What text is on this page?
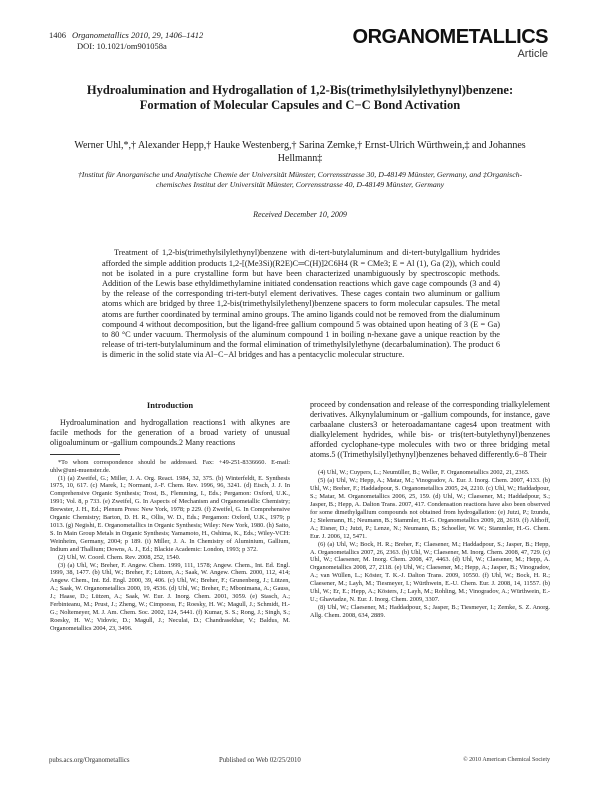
1406 Organometallics 2010, 29, 1406–1412
DOI: 10.1021/om901058a	ORGANOMETALLICS
Article
Hydroalumination and Hydrogallation of 1,2-Bis(trimethylsilylethynyl)benzene: Formation of Molecular Capsules and C−C Bond Activation
Werner Uhl,*,† Alexander Hepp,† Hauke Westenberg,† Sarina Zemke,† Ernst-Ulrich Würthwein,‡ and Johannes Hellmann‡
†Institut für Anorganische und Analytische Chemie der Universität Münster, Corrensstrasse 30, D-48149 Münster, Germany, and ‡Organisch-chemisches Institut der Universität Münster, Corrensstrasse 40, D-48149 Münster, Germany
Received December 10, 2009

Treatment of 1,2-bis(trimethylsilylethynyl)benzene with di-tert-butylaluminum and di-tert-butylgallium hydrides afforded the simple addition products 1,2-[(Me3Si)(R2E)C═C(H)]2C6H4 (R = CMe3; E = Al (1), Ga (2)), which could not be isolated in a pure crystalline form but have been characterized unambiguously by spectroscopic methods. Addition of the Lewis base ethyldimethylamine initiated condensation reactions which gave cage compounds (3 and 4) by the release of the corresponding tri-tert-butyl element derivatives. These cages contain two aluminum or gallium atoms which are bridged by three 1,2-bis(trimethylsilylethenyl)benzene spacers to form molecular capsules. The metal atoms are further coordinated by terminal amino groups. The amino ligands could not be removed from the dialuminum compound 4 without decomposition, but the ligand-free gallium compound 5 was obtained upon heating of 3 (E = Ga) to 80 °C under vacuum. Thermolysis of the aluminum compound 1 in boiling n-hexane gave a unique reaction by the release of tri-tert-butylaluminum and the formal elimination of trimethylsilylethyne (decarbalumination). The product 6 is dimeric in the solid state via Al−C−Al bridges and has a pentacyclic molecular structure.

Introduction

Hydroalumination and hydrogallation reactions1 with alkynes are facile methods for the generation of a broad variety of unusual oligoaluminum or -gallium compounds.2 Many reactions

*To whom correspondence should be addressed. Fax: +49-251-8336660. E-mail: uhlw@uni-muenster.de.

(1) (a) Zweifel, G.; Miller, J. A. Org. React. 1984, 32, 375. (b) Winterfeldt, E. Synthesis 1975, 10, 617. (c) Marek, I.; Normant, J.-F. Chem. Rev. 1996, 96, 3241. (d) Eisch, J. J. In Comprehensive Organic Synthesis; Trost, B., Flemming, I., Eds.; Pergamon: Oxford, U.K., 1991; Vol. 8, p 733. (e) Zweifel, G. In Aspects of Mechanism and Organometallic Chemistry; Brewster, J. H., Ed.; Plenum Press: New York, 1978; p 229. (f) Zweifel, G. In Comprehensive Organic Chemistry; Barton, D. H. R., Ollis, W. D., Eds.; Pergamon: Oxford, U.K., 1979; p 1013. (g) Negishi, E. Organometallics in Organic Synthesis; Wiley: New York, 1980. (h) Saito, S. In Main Group Metals in Organic Synthesis; Yamamoto, H., Oshima, K., Eds.; Wiley-VCH: Weinheim, Germany, 2004; p 189. (i) Miller, J. A. In Chemistry of Aluminium, Gallium, Indium and Thallium; Downs, A. J., Ed.; Blackie Academic: London, 1993; p 372.

(2) Uhl, W. Coord. Chem. Rev. 2008, 252, 1540.

(3) (a) Uhl, W.; Breher, F. Angew. Chem. 1999, 111, 1578; Angew. Chem., Int. Ed. Engl. 1999, 38, 1477. (b) Uhl, W.; Breher, F.; Lützen, A.; Saak, W. Angew. Chem. 2000, 112, 414; Angew. Chem., Int. Ed. Engl. 2000, 39, 406. (c) Uhl, W.; Breher, F.; Grunenberg, J.; Lützen, A.; Saak, W. Organometallics 2000, 19, 4536. (d) Uhl, W.; Breher, F.; Mbonimana, A.; Gauss, J.; Haase, D.; Lützen, A.; Saak, W. Eur. J. Inorg. Chem. 2001, 3059. (e) Stasch, A.; Ferbinteanu, M.; Prust, J.; Zheng, W.; Cimpoesu, F.; Roesky, H. W.; Magull, J.; Schmidt, H.-G.; Noltemeyer, M. J. Am. Chem. Soc. 2002, 124, 5441. (f) Kumar, S. S.; Rong, J.; Singh, S.; Roesky, H. W.; Vidovic, D.; Magull, J.; Neculai, D.; Chandrasekhar, V.; Baldus, M. Organometallics 2004, 23, 3496.

proceed by condensation and release of the corresponding trialkylelement derivatives. Alkynylaluminum or -gallium compounds, for instance, gave carbaalane clusters3 or heteroadamantane cages4 upon treatment with dialkylelement hydrides, while bis- or tris(tert-butylethynyl)benzenes afforded cyclophane-type molecules with two or three bridging metal atoms.5 ((Trimethylsilyl)ethynyl)benzenes behaved differently.6−8 Their

(4) Uhl, W.; Cuypers, L.; Neumüller, B.; Weller, F. Organometallics 2002, 21, 2365.

(5) (a) Uhl, W.; Hepp, A.; Matar, M.; Vinogradov, A. Eur. J. Inorg. Chem. 2007, 4133. (b) Uhl, W.; Breher, F.; Haddadpour, S. Organometallics 2005, 24, 2210. (c) Uhl, W.; Haddadpour, S.; Matar, M. Organometallics 2006, 25, 159. (d) Uhl, W.; Claesener, M.; Haddadpour, S.; Jasper, B.; Hepp, A. Dalton Trans. 2007, 417. Condensation reactions have also been observed for some dimethylgallium compounds not obtained from hydrogallation: (e) Jutzi, P.; Izundu, J.; Sielemann, H.; Neumann, B.; Stammler, H.-G. Organometallics 2009, 28, 2619. (f) Althoff, A.; Eisner, D.; Jutzi, P.; Lenze, N.; Neumann, B.; Schoeller, W. W.; Stammler, H.-G. Chem. Eur. J. 2006, 12, 5471.

(6) (a) Uhl, W.; Bock, H. R.; Breher, F.; Claesener, M.; Haddadpour, S.; Jasper, B.; Hepp, A. Organometallics 2007, 26, 2363. (b) Uhl, W.; Claesener, M. Inorg. Chem. 2008, 47, 729. (c) Uhl, W.; Claesener, M. Inorg. Chem. 2008, 47, 4463. (d) Uhl, W.; Claesener, M.; Hepp, A. Organometallics 2008, 27, 2118. (e) Uhl, W.; Claesener, M.; Hepp, A.; Jasper, B.; Vinogradov, A.; van Wüllen, L.; Köster, T. K.-J. Dalton Trans. 2009, 10550. (f) Uhl, W.; Bock, H. R.; Claesener, M.; Layh, M.; Tiesmeyer, I.; Würthwein, E.-U. Chem. Eur. J. 2008, 14, 11557. (b) Uhl, W.; Er, E.; Hepp, A.; Kösters, J.; Layh, M.; Rohling, M.; Vinogradov, A.; Würthwein, E.-U.; Ghavtadze, N. Eur. J. Inorg. Chem. 2009, 3307.

(8) Uhl, W.; Claesener, M.; Haddadpour, S.; Jasper, B.; Tiesmeyer, I.; Zemke, S. Z. Anorg. Allg. Chem. 2008, 634, 2889.

pubs.acs.org/Organometallics	Published on Web 02/25/2010	© 2010 American Chemical Society
